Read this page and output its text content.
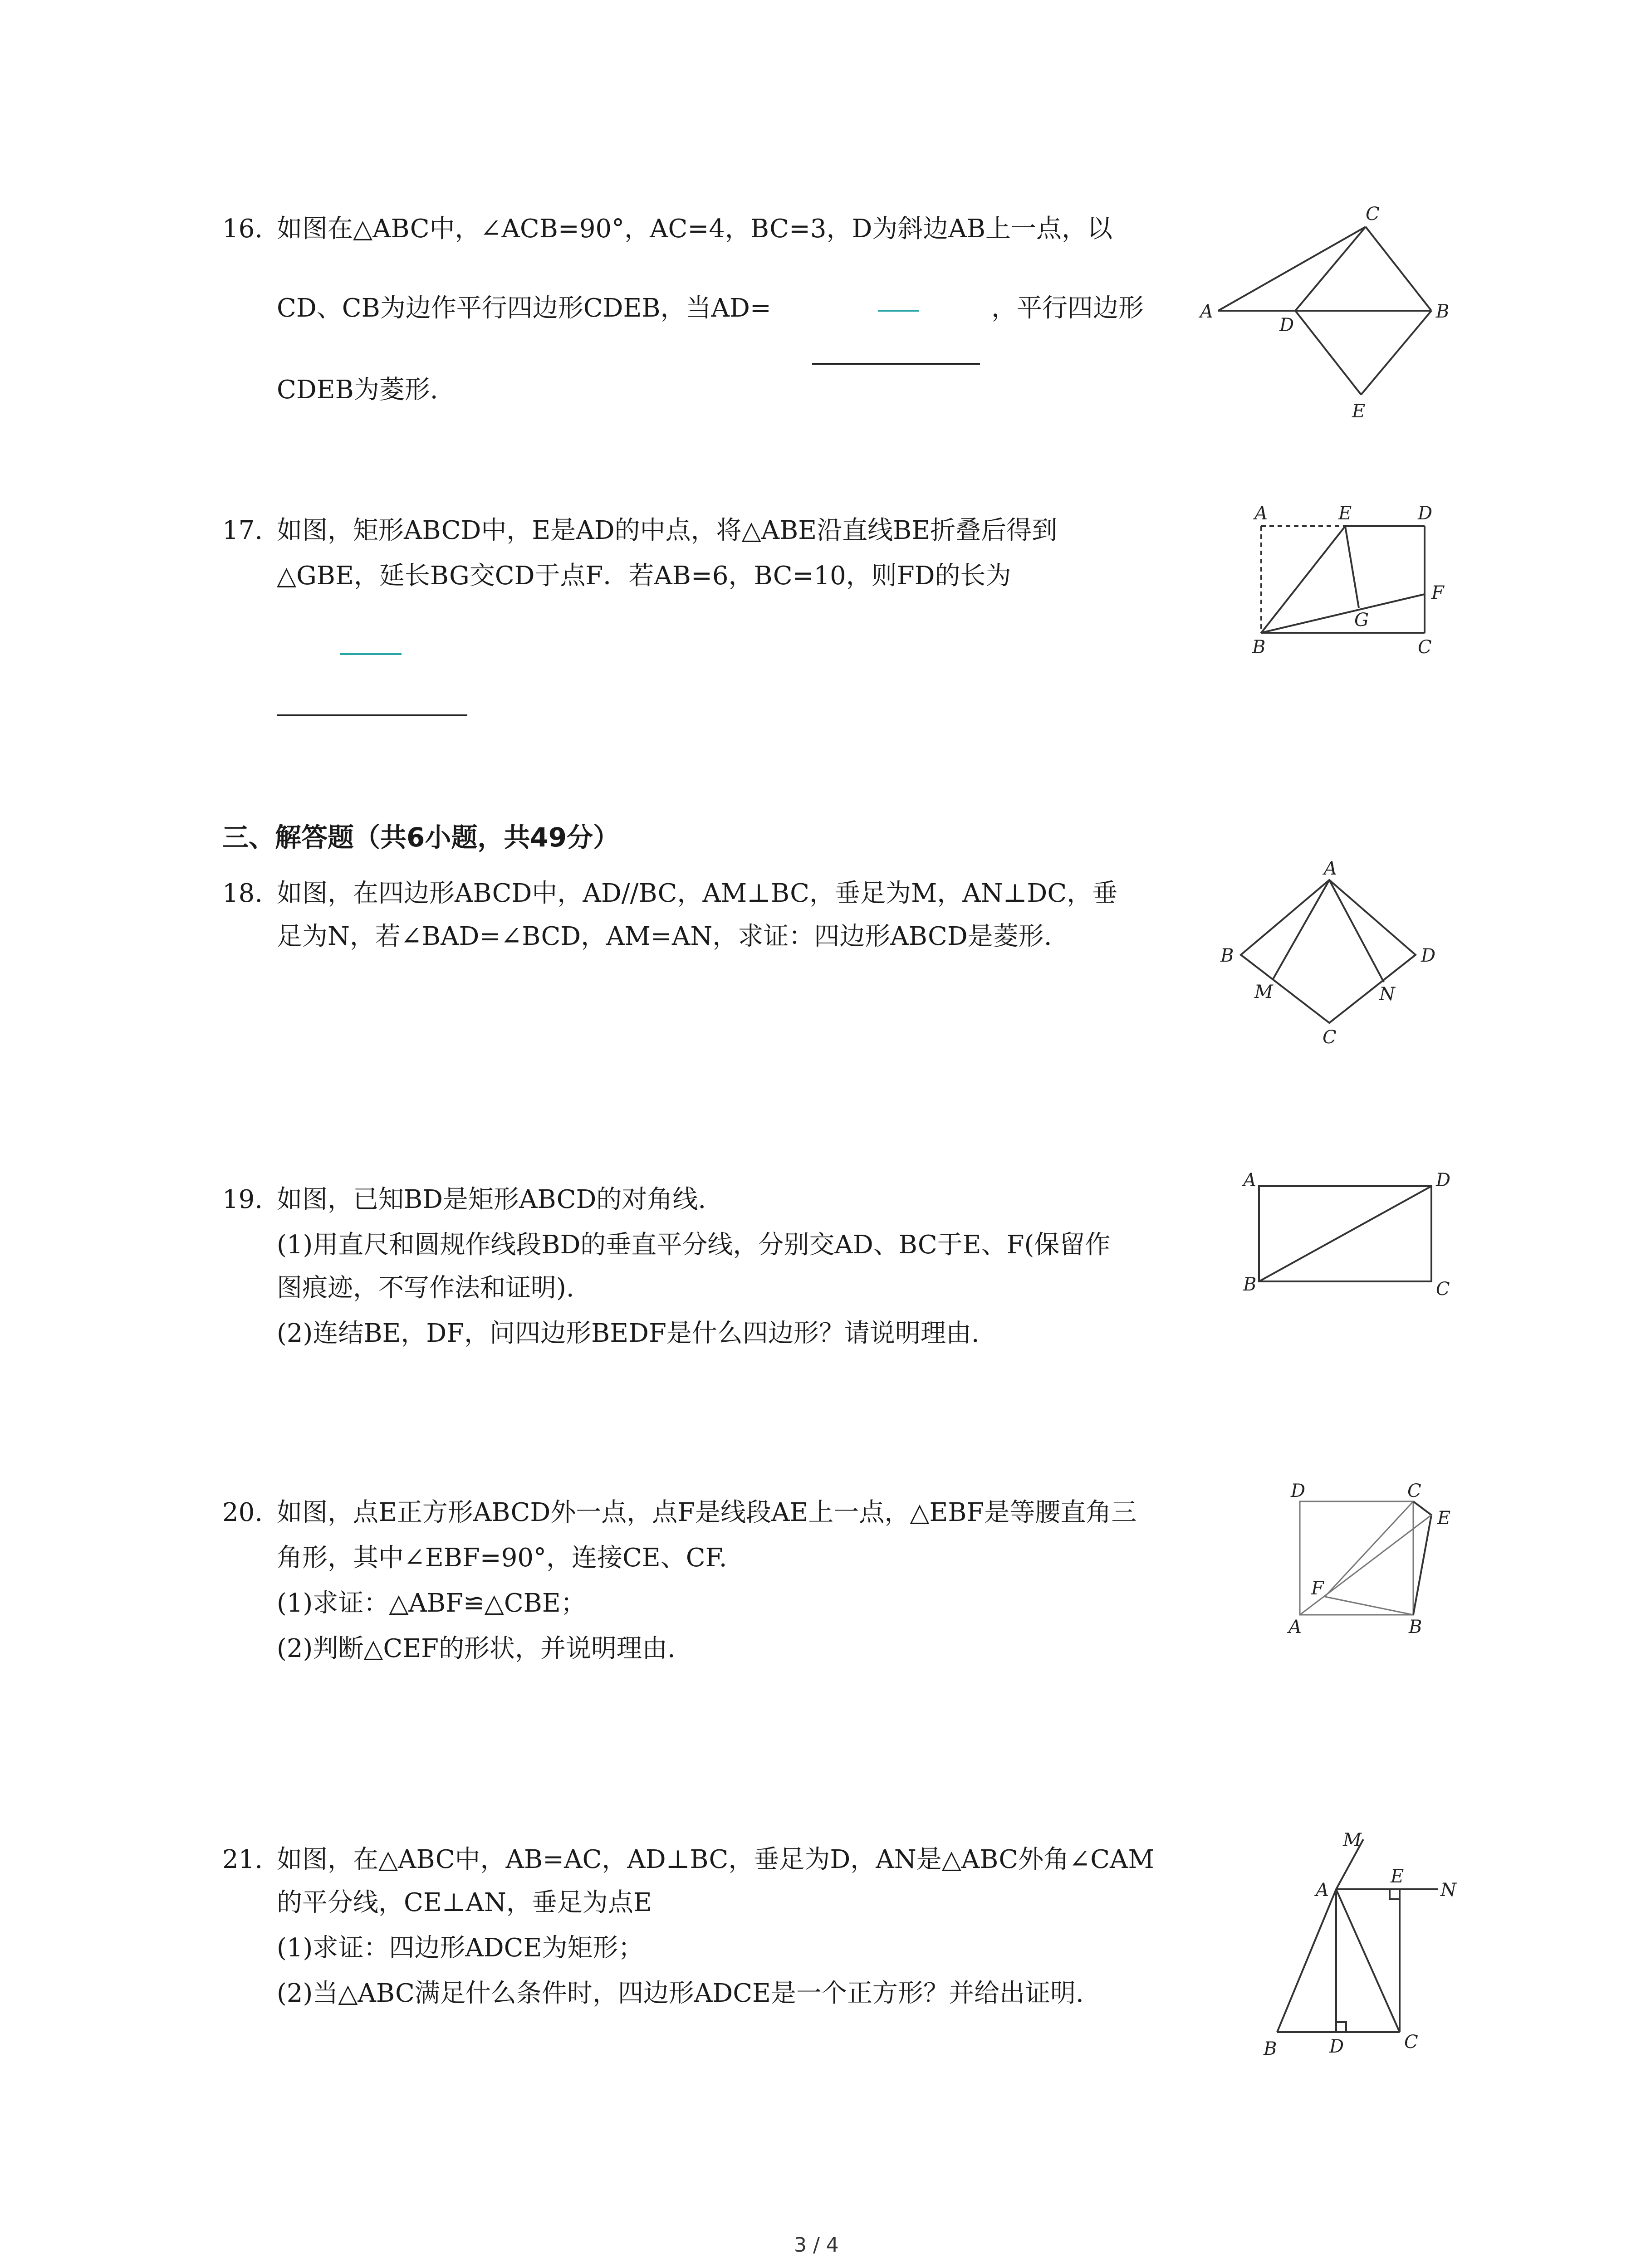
16. 如图在△ABC中，∠ACB=90°，AC=4，BC=3，D为斜边AB上一点，以
CD、CB为边作平行四边形CDEB，当AD=	，平行四边形
CDEB为菱形.
C
A
D
B
E
17. 如图，矩形ABCD中，E是AD的中点，将△ABE沿直线BE折叠后得到
△GBE，延长BG交CD于点F．若AB=6，BC=10，则FD的长为
A	E	D
F
G
B	C
三、解答题（共6小题，共49分）
18. 如图，在四边形ABCD中，AD//BC，AM⊥BC，垂足为M，AN⊥DC，垂
足为N，若∠BAD=∠BCD，AM=AN，求证：四边形ABCD是菱形.
A
B	D
M	N
C
19. 如图，已知BD是矩形ABCD的对角线.
(1)用直尺和圆规作线段BD的垂直平分线，分别交AD、BC于E、F(保留作
图痕迹，不写作法和证明).
(2)连结BE，DF，问四边形BEDF是什么四边形？请说明理由.
A	D
B	C
20. 如图，点E正方形ABCD外一点，点F是线段AE上一点，△EBF是等腰直角三
角形，其中∠EBF=90°，连接CE、CF.
(1)求证：△ABF≌△CBE；
(2)判断△CEF的形状，并说明理由.
D	C
E
F
A	B
21. 如图，在△ABC中，AB=AC，AD⊥BC，垂足为D，AN是△ABC外角∠CAM
的平分线，CE⊥AN，垂足为点E
(1)求证：四边形ADCE为矩形；
(2)当△ABC满足什么条件时，四边形ADCE是一个正方形？并给出证明.
M
A
E
N
B	D	C
3 / 4
